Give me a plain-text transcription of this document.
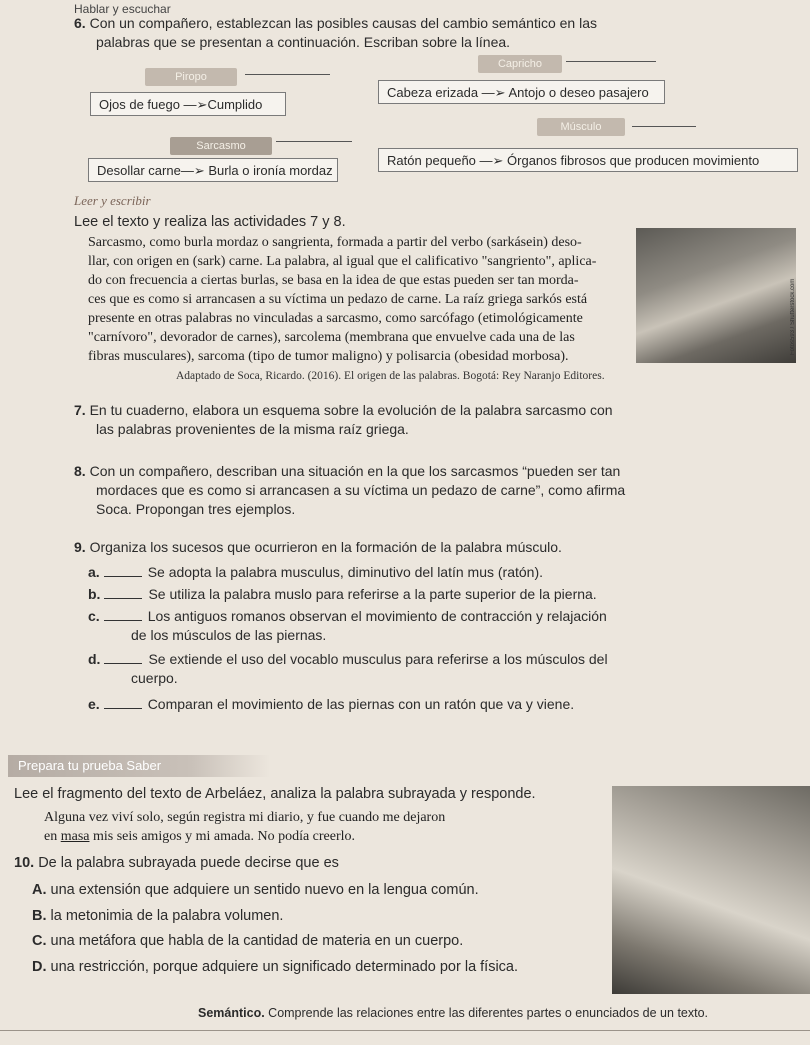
Hablar y escuchar
6. Con un compañero, establezcan las posibles causas del cambio semántico en las
palabras que se presentan a continuación. Escriban sobre la línea.
Piropo
Capricho
Ojos de fuego —➢Cumplido
Cabeza erizada —➢ Antojo o deseo pasajero
Sarcasmo
Músculo
Desollar carne—➢ Burla o ironía mordaz
Ratón pequeño —➢ Órganos fibrosos que producen movimiento
Leer y escribir
Lee el texto y realiza las actividades 7 y 8.
Sarcasmo, como burla mordaz o sangrienta, formada a partir del verbo (sarkásein) deso-
llar, con origen en (sark) carne. La palabra, al igual que el calificativo "sangriento", aplica-
do con frecuencia a ciertas burlas, se basa en la idea de que estas pueden ser tan morda-
ces que es como si arrancasen a su víctima un pedazo de carne. La raíz griega sarkós está
presente en otras palabras no vinculadas a sarcasmo, como sarcófago (etimológicamente
"carnívoro", devorador de carnes), sarcolema (membrana que envuelve cada una de las
fibras musculares), sarcoma (tipo de tumor maligno) y polisarcia (obesidad morbosa).
Fotos593 / Shutterstock.com
Adaptado de Soca, Ricardo. (2016). El origen de las palabras. Bogotá: Rey Naranjo Editores.
7. En tu cuaderno, elabora un esquema sobre la evolución de la palabra sarcasmo con
las palabras provenientes de la misma raíz griega.
8. Con un compañero, describan una situación en la que los sarcasmos “pueden ser tan
mordaces que es como si arrancasen a su víctima un pedazo de carne”, como afirma
Soca. Propongan tres ejemplos.
9. Organiza los sucesos que ocurrieron en la formación de la palabra músculo.
a.	Se adopta la palabra musculus, diminutivo del latín mus (ratón).
b.	Se utiliza la palabra muslo para referirse a la parte superior de la pierna.
c.	Los antiguos romanos observan el movimiento de contracción y relajación
de los músculos de las piernas.
d.	Se extiende el uso del vocablo musculus para referirse a los músculos del
cuerpo.
e.	Comparan el movimiento de las piernas con un ratón que va y viene.
Prepara tu prueba Saber
Lee el fragmento del texto de Arbeláez, analiza la palabra subrayada y responde.
Alguna vez viví solo, según registra mi diario, y fue cuando me dejaron
en masa mis seis amigos y mi amada. No podía creerlo.
10. De la palabra subrayada puede decirse que es
A. una extensión que adquiere un sentido nuevo en la lengua común.
B. la metonimia de la palabra volumen.
C. una metáfora que habla de la cantidad de materia en un cuerpo.
D. una restricción, porque adquiere un significado determinado por la física.
Semántico. Comprende las relaciones entre las diferentes partes o enunciados de un texto.
